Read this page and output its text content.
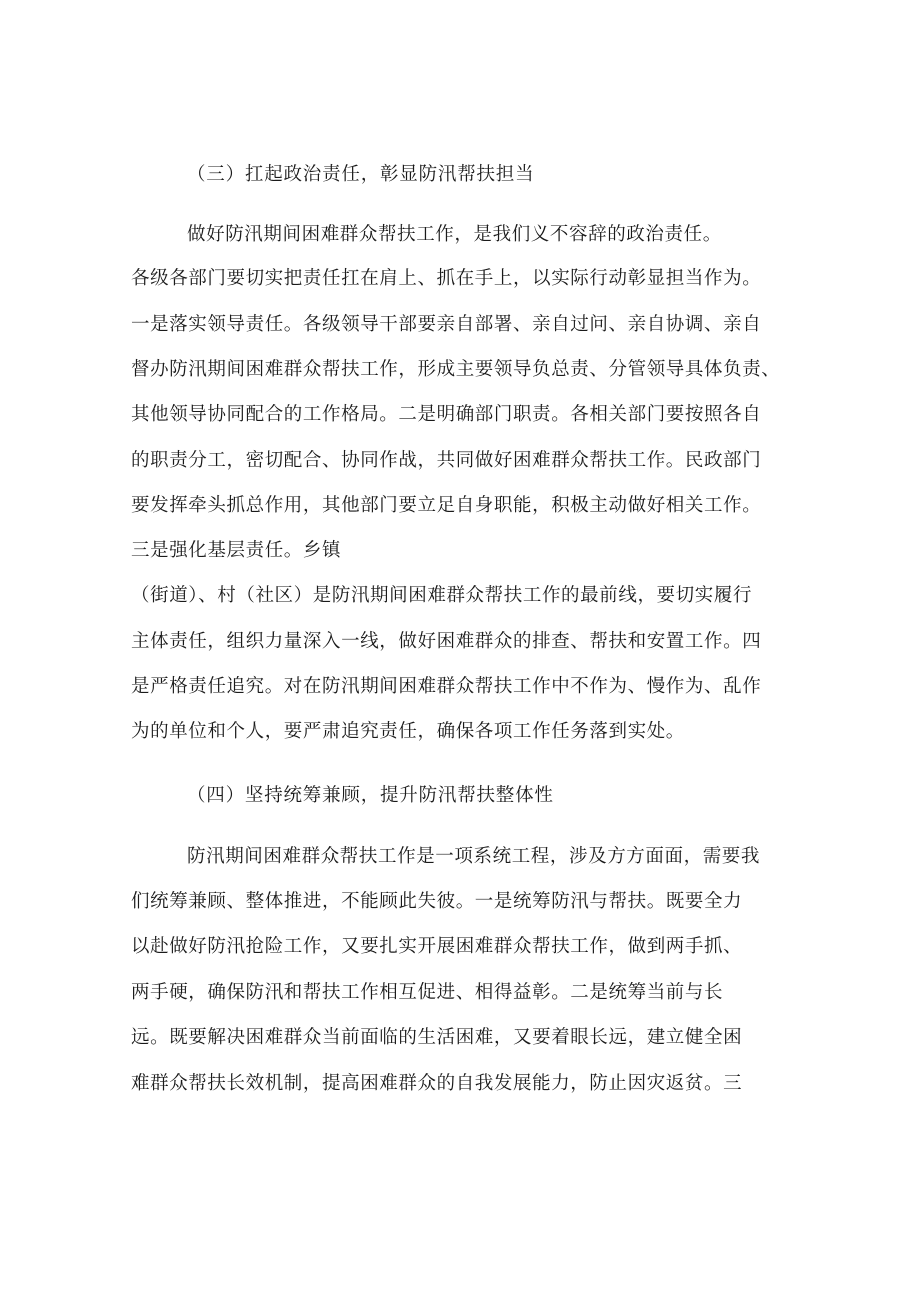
（三）扛起政治责任，彰显防汛帮扶担当
做好防汛期间困难群众帮扶工作，是我们义不容辞的政治责任。
各级各部门要切实把责任扛在肩上、抓在手上，以实际行动彰显担当作为。
一是落实领导责任。各级领导干部要亲自部署、亲自过问、亲自协调、亲自
督办防汛期间困难群众帮扶工作，形成主要领导负总责、分管领导具体负责、
其他领导协同配合的工作格局。二是明确部门职责。各相关部门要按照各自
的职责分工，密切配合、协同作战，共同做好困难群众帮扶工作。民政部门
要发挥牵头抓总作用，其他部门要立足自身职能，积极主动做好相关工作。
三是强化基层责任。乡镇
（街道）、村（社区）是防汛期间困难群众帮扶工作的最前线，要切实履行
主体责任，组织力量深入一线，做好困难群众的排查、帮扶和安置工作。四
是严格责任追究。对在防汛期间困难群众帮扶工作中不作为、慢作为、乱作
为的单位和个人，要严肃追究责任，确保各项工作任务落到实处。
（四）坚持统筹兼顾，提升防汛帮扶整体性
防汛期间困难群众帮扶工作是一项系统工程，涉及方方面面，需要我
们统筹兼顾、整体推进，不能顾此失彼。一是统筹防汛与帮扶。既要全力
以赴做好防汛抢险工作，又要扎实开展困难群众帮扶工作，做到两手抓、
两手硬，确保防汛和帮扶工作相互促进、相得益彰。二是统筹当前与长
远。既要解决困难群众当前面临的生活困难，又要着眼长远，建立健全困
难群众帮扶长效机制，提高困难群众的自我发展能力，防止因灾返贫。三
